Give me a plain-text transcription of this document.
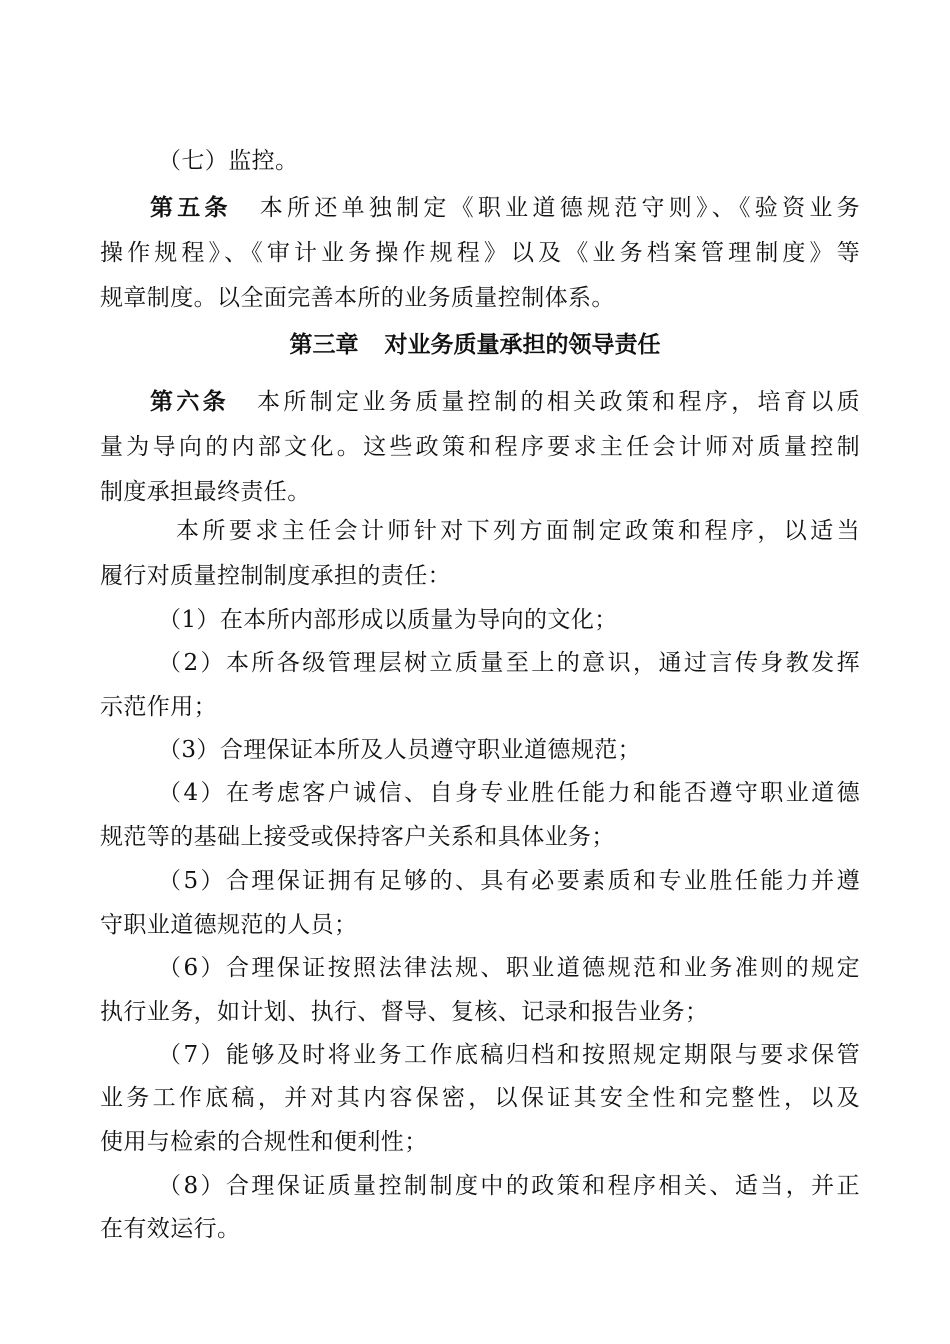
（七）监控。
第五条 本所还单独制定《职业道德规范守则》、《验资业务
操作规程》、《审计业务操作规程》以及《业务档案管理制度》等
规章制度。以全面完善本所的业务质量控制体系。
第三章 对业务质量承担的领导责任
第六条 本所制定业务质量控制的相关政策和程序，培育以质
量为导向的内部文化。这些政策和程序要求主任会计师对质量控制
制度承担最终责任。
本所要求主任会计师针对下列方面制定政策和程序，以适当
履行对质量控制制度承担的责任：
（1）在本所内部形成以质量为导向的文化；
（2）本所各级管理层树立质量至上的意识，通过言传身教发挥
示范作用；
（3）合理保证本所及人员遵守职业道德规范；
（4）在考虑客户诚信、自身专业胜任能力和能否遵守职业道德
规范等的基础上接受或保持客户关系和具体业务；
（5）合理保证拥有足够的、具有必要素质和专业胜任能力并遵
守职业道德规范的人员；
（6）合理保证按照法律法规、职业道德规范和业务准则的规定
执行业务，如计划、执行、督导、复核、记录和报告业务；
（7）能够及时将业务工作底稿归档和按照规定期限与要求保管
业务工作底稿，并对其内容保密，以保证其安全性和完整性，以及
使用与检索的合规性和便利性；
（8）合理保证质量控制制度中的政策和程序相关、适当，并正
在有效运行。
